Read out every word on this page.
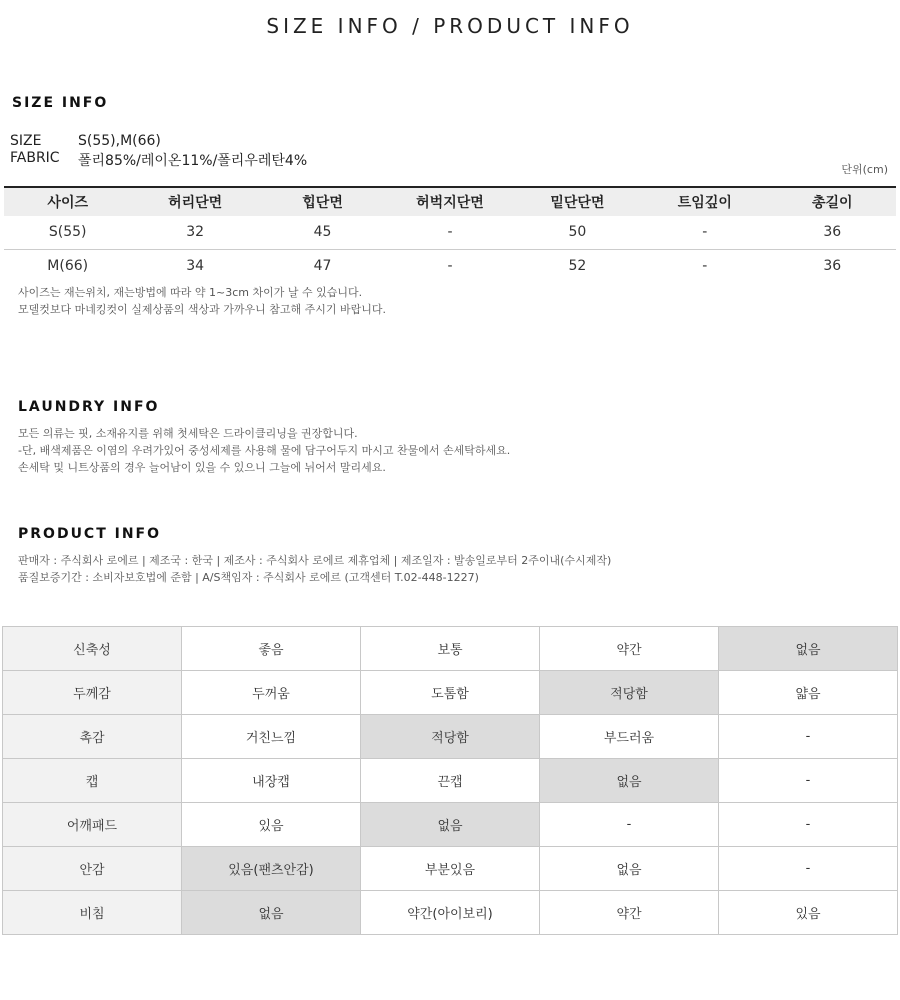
SIZE INFO / PRODUCT INFO
SIZE INFO
SIZE	S(55),M(66)
FABRIC	폴리85%/레이온11%/폴리우레탄4%
단위(cm)
사이즈	허리단면	힙단면	허벅지단면	밑단단면	트임깊이	총길이
S(55)	32	45	-	50	-	36
M(66)	34	47	-	52	-	36
사이즈는 재는위치, 재는방법에 따라 약 1~3cm 차이가 날 수 있습니다.
모델컷보다 마네킹컷이 실제상품의 색상과 가까우니 참고해 주시기 바랍니다.
LAUNDRY INFO
모든 의류는 핏, 소재유지를 위해 첫세탁은 드라이클리닝을 권장합니다.
-단, 배색제품은 이염의 우려가있어 중성세제를 사용해 물에 담구어두지 마시고 찬물에서 손세탁하세요.
손세탁 및 니트상품의 경우 늘어남이 있을 수 있으니 그늘에 뉘어서 말리세요.
PRODUCT INFO
판매자 : 주식회사 로에르 | 제조국 : 한국 | 제조사 : 주식회사 로에르 제휴업체 | 제조일자 : 발송일로부터 2주이내(수시제작)
품질보증기간 : 소비자보호법에 준함 | A/S책임자 : 주식회사 로에르 (고객센터 T.02-448-1227)
신축성	좋음	보통	약간	없음
두께감	두꺼움	도톰함	적당함	얇음
촉감	거친느낌	적당함	부드러움	-
캡	내장캡	끈캡	없음	-
어깨패드	있음	없음	-	-
안감	있음(팬츠안감)	부분있음	없음	-
비침	없음	약간(아이보리)	약간	있음
